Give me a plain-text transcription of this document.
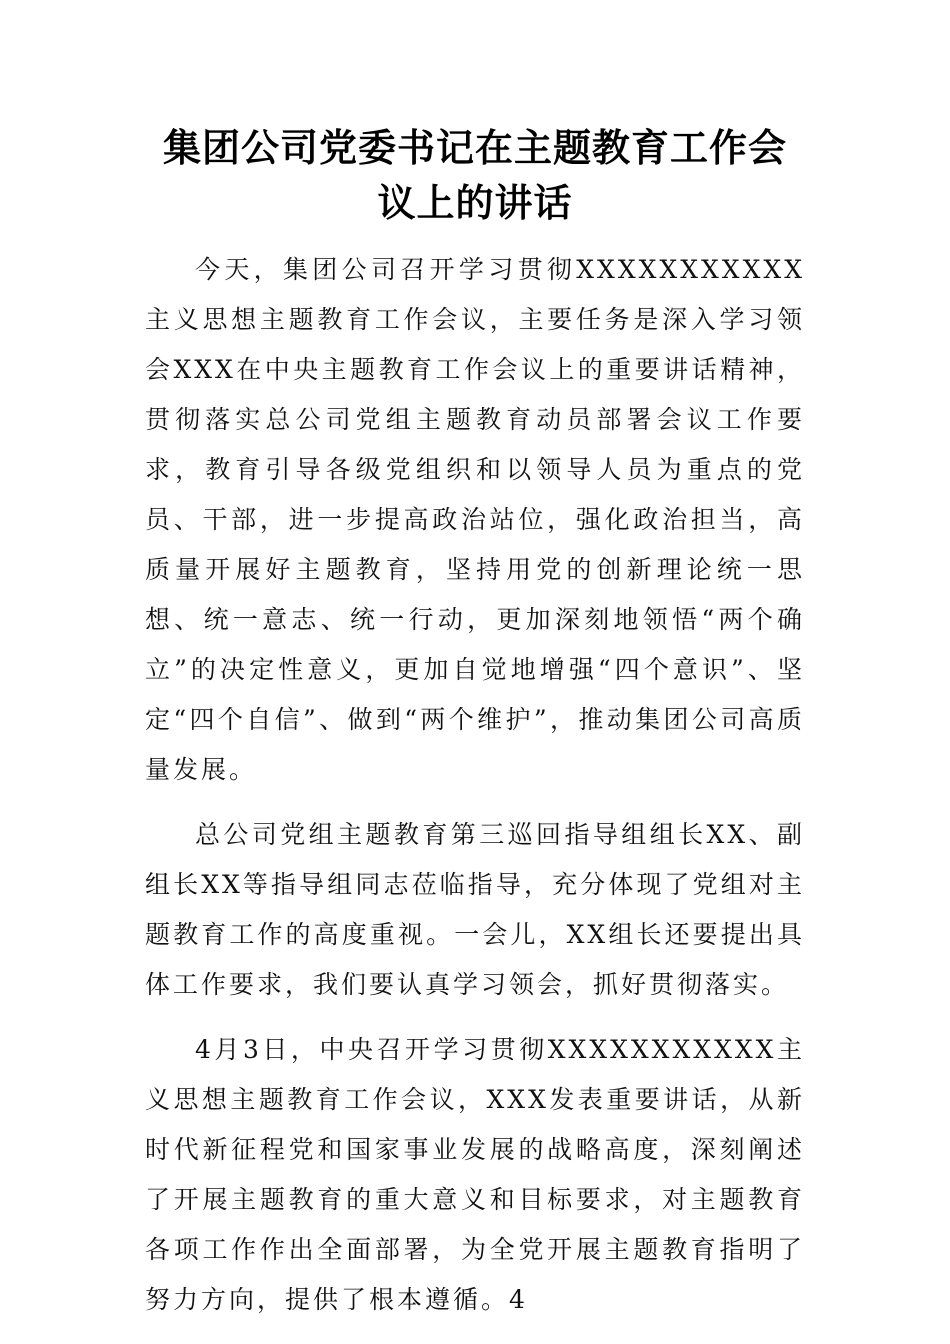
集团公司党委书记在主题教育工作会议上的讲话

今天，集团公司召开学习贯彻XXXXXXXXXXX主义思想主题教育工作会议，主要任务是深入学习领会XXX在中央主题教育工作会议上的重要讲话精神，贯彻落实总公司党组主题教育动员部署会议工作要求，教育引导各级党组织和以领导人员为重点的党员、干部，进一步提高政治站位，强化政治担当，高质量开展好主题教育，坚持用党的创新理论统一思想、统一意志、统一行动，更加深刻地领悟“两个确立”的决定性意义，更加自觉地增强“四个意识”、坚定“四个自信”、做到“两个维护”，推动集团公司高质量发展。

总公司党组主题教育第三巡回指导组组长XX、副组长XX等指导组同志莅临指导，充分体现了党组对主题教育工作的高度重视。一会儿，XX组长还要提出具体工作要求，我们要认真学习领会，抓好贯彻落实。

4月3日，中央召开学习贯彻XXXXXXXXXXX主义思想主题教育工作会议，XXX发表重要讲话，从新时代新征程党和国家事业发展的战略高度，深刻阐述了开展主题教育的重大意义和目标要求，对主题教育各项工作作出全面部署，为全党开展主题教育指明了努力方向，提供了根本遵循。4
